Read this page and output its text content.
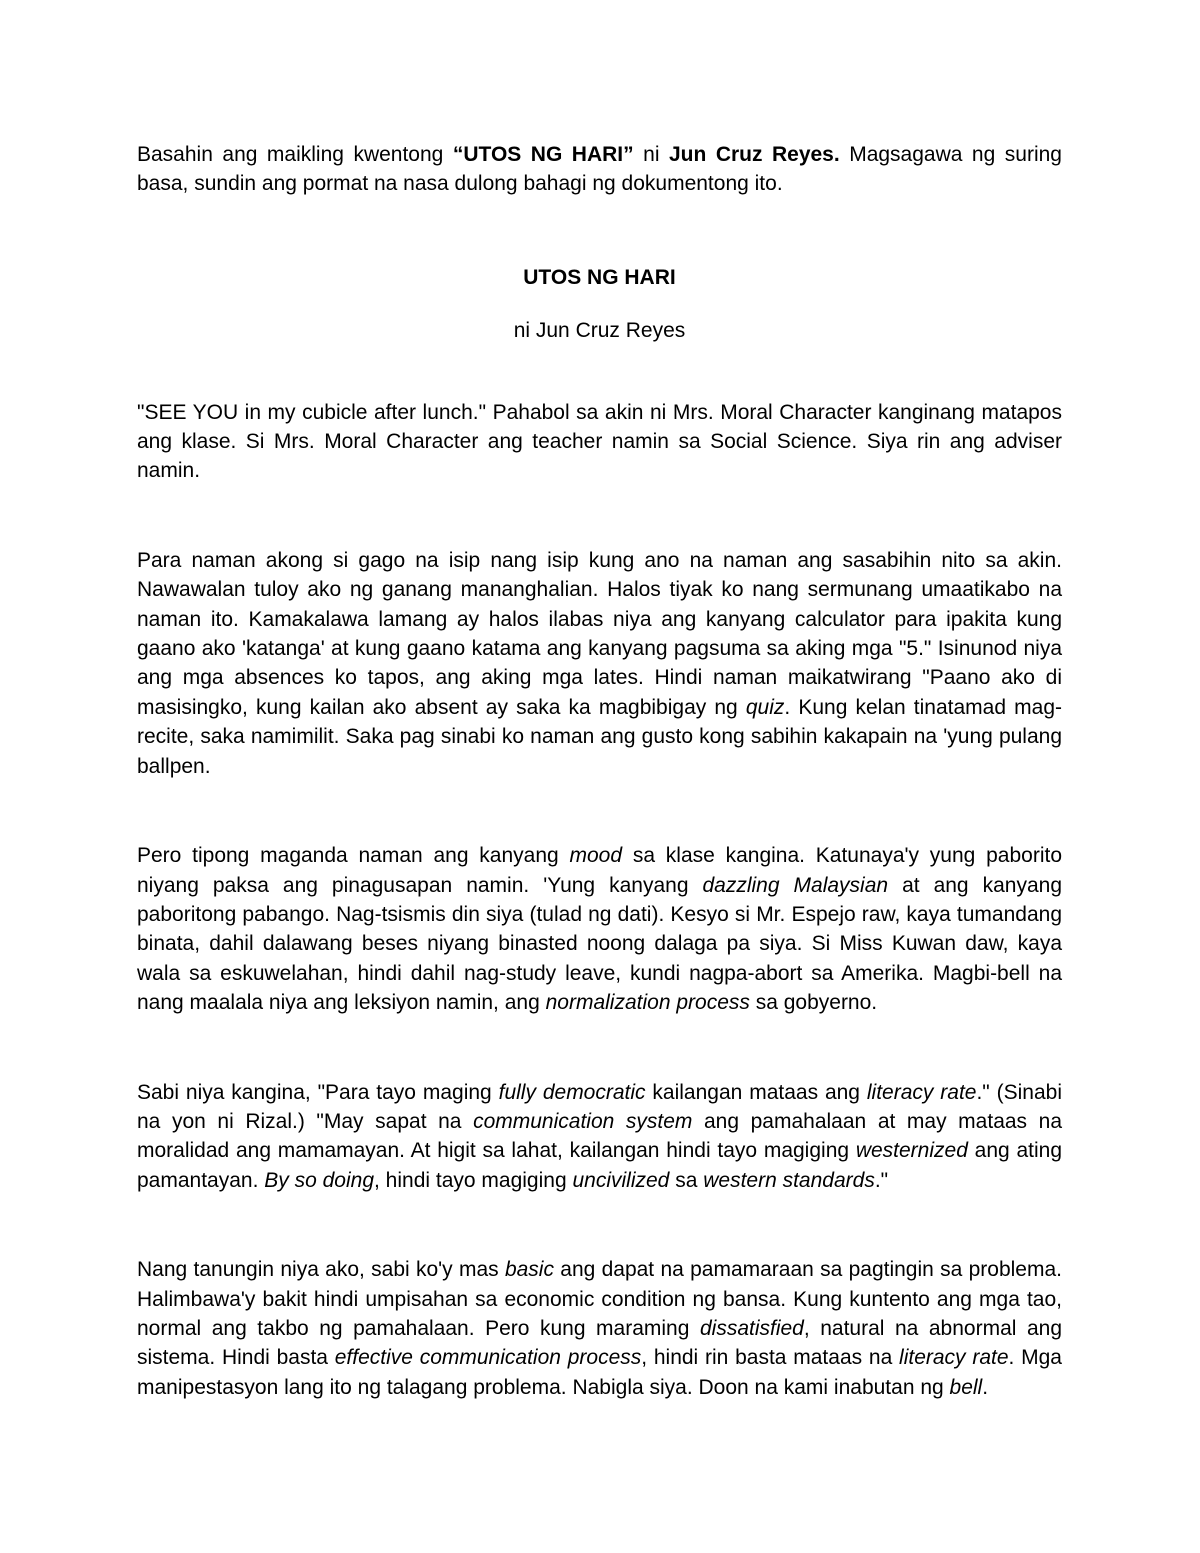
Basahin ang maikling kwentong “UTOS NG HARI” ni Jun Cruz Reyes. Magsagawa ng suring basa, sundin ang pormat na nasa dulong bahagi ng dokumentong ito.

UTOS NG HARI

ni Jun Cruz Reyes

"SEE YOU in my cubicle after lunch." Pahabol sa akin ni Mrs. Moral Character kanginang matapos ang klase. Si Mrs. Moral Character ang teacher namin sa Social Science. Siya rin ang adviser namin.

Para naman akong si gago na isip nang isip kung ano na naman ang sasabihin nito sa akin. Nawawalan tuloy ako ng ganang mananghalian. Halos tiyak ko nang sermunang umaatikabo na naman ito. Kamakalawa lamang ay halos ilabas niya ang kanyang calculator para ipakita kung gaano ako 'katanga' at kung gaano katama ang kanyang pagsuma sa aking mga "5." Isinunod niya ang mga absences ko tapos, ang aking mga lates. Hindi naman maikatwirang "Paano ako di masisingko, kung kailan ako absent ay saka ka magbibigay ng quiz. Kung kelan tinatamad mag-recite, saka namimilit. Saka pag sinabi ko naman ang gusto kong sabihin kakapain na 'yung pulang ballpen.

Pero tipong maganda naman ang kanyang mood sa klase kangina. Katunaya'y yung paborito niyang paksa ang pinagusapan namin. 'Yung kanyang dazzling Malaysian at ang kanyang paboritong pabango. Nag-tsismis din siya (tulad ng dati). Kesyo si Mr. Espejo raw, kaya tumandang binata, dahil dalawang beses niyang binasted noong dalaga pa siya. Si Miss Kuwan daw, kaya wala sa eskuwelahan, hindi dahil nag-study leave, kundi nagpa-abort sa Amerika. Magbi-bell na nang maalala niya ang leksiyon namin, ang normalization process sa gobyerno.

Sabi niya kangina, "Para tayo maging fully democratic kailangan mataas ang literacy rate." (Sinabi na yon ni Rizal.) "May sapat na communication system ang pamahalaan at may mataas na moralidad ang mamamayan. At higit sa lahat, kailangan hindi tayo magiging westernized ang ating pamantayan. By so doing, hindi tayo magiging uncivilized sa western standards."

Nang tanungin niya ako, sabi ko'y mas basic ang dapat na pamamaraan sa pagtingin sa problema. Halimbawa'y bakit hindi umpisahan sa economic condition ng bansa. Kung kuntento ang mga tao, normal ang takbo ng pamahalaan. Pero kung maraming dissatisfied, natural na abnormal ang sistema. Hindi basta effective communication process, hindi rin basta mataas na literacy rate. Mga manipestasyon lang ito ng talagang problema. Nabigla siya. Doon na kami inabutan ng bell.
